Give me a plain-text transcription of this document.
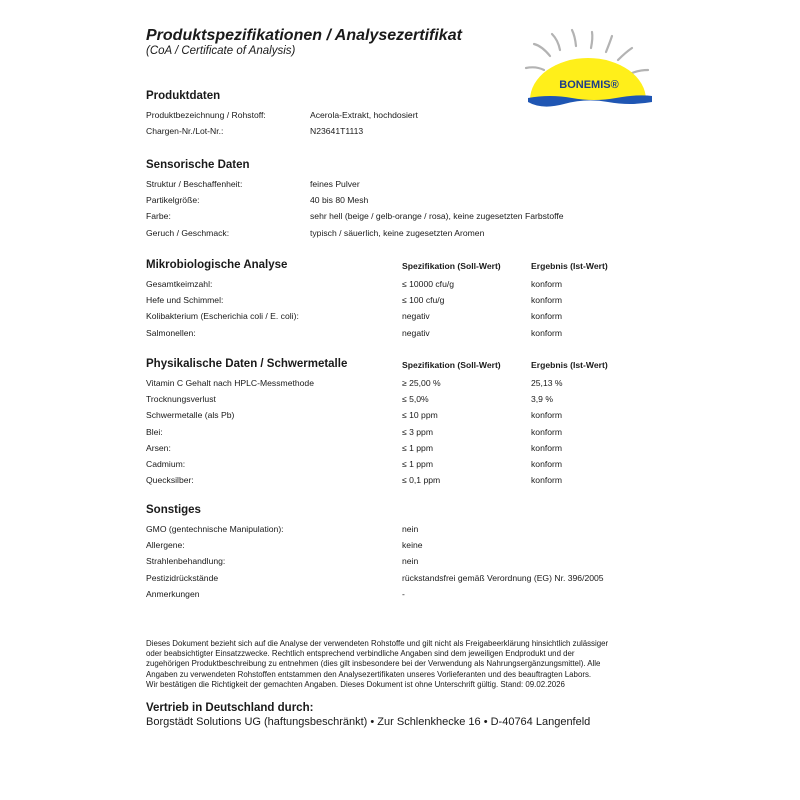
Produktspezifikationen / Analysezertifikat
(CoA / Certificate of Analysis)
BONEMIS®
Produktdaten
Produktbezeichnung / Rohstoff:	Acerola-Extrakt, hochdosiert
Chargen-Nr./Lot-Nr.:	N23641T1113
Sensorische Daten
Struktur / Beschaffenheit:	feines Pulver
Partikelgröße:	40 bis 80 Mesh
Farbe:	sehr hell (beige / gelb-orange / rosa), keine zugesetzten Farbstoffe
Geruch / Geschmack:	typisch / säuerlich, keine zugesetzten Aromen
Mikrobiologische Analyse	Spezifikation (Soll-Wert)	Ergebnis (Ist-Wert)
Gesamtkeimzahl:	≤ 10000 cfu/g	konform
Hefe und Schimmel:	≤ 100 cfu/g	konform
Kolibakterium (Escherichia coli / E. coli):	negativ	konform
Salmonellen:	negativ	konform
Physikalische Daten / Schwermetalle	Spezifikation (Soll-Wert)	Ergebnis (Ist-Wert)
Vitamin C Gehalt nach HPLC-Messmethode	≥ 25,00 %	25,13 %
Trocknungsverlust	≤ 5,0%	3,9 %
Schwermetalle (als Pb)	≤ 10 ppm	konform
Blei:	≤ 3 ppm	konform
Arsen:	≤ 1 ppm	konform
Cadmium:	≤ 1 ppm	konform
Quecksilber:	≤ 0,1 ppm	konform
Sonstiges
GMO (gentechnische Manipulation):	nein
Allergene:	keine
Strahlenbehandlung:	nein
Pestizidrückstände	rückstandsfrei gemäß Verordnung (EG) Nr. 396/2005
Anmerkungen	-
Dieses Dokument bezieht sich auf die Analyse der verwendeten Rohstoffe und gilt nicht als Freigabeerklärung hinsichtlich zulässiger
oder beabsichtigter Einsatzzwecke. Rechtlich entsprechend verbindliche Angaben sind dem jeweiligen Endprodukt und der
zugehörigen Produktbeschreibung zu entnehmen (dies gilt insbesondere bei der Verwendung als Nahrungsergänzungsmittel). Alle
Angaben zu verwendeten Rohstoffen entstammen den Analysezertifikaten unseres Vorlieferanten und des beauftragten Labors.
Wir bestätigen die Richtigkeit der gemachten Angaben. Dieses Dokument ist ohne Unterschrift gültig. Stand: 09.02.2026
Vertrieb in Deutschland durch:
Borgstädt Solutions UG (haftungsbeschränkt) • Zur Schlenkhecke 16 • D-40764 Langenfeld
